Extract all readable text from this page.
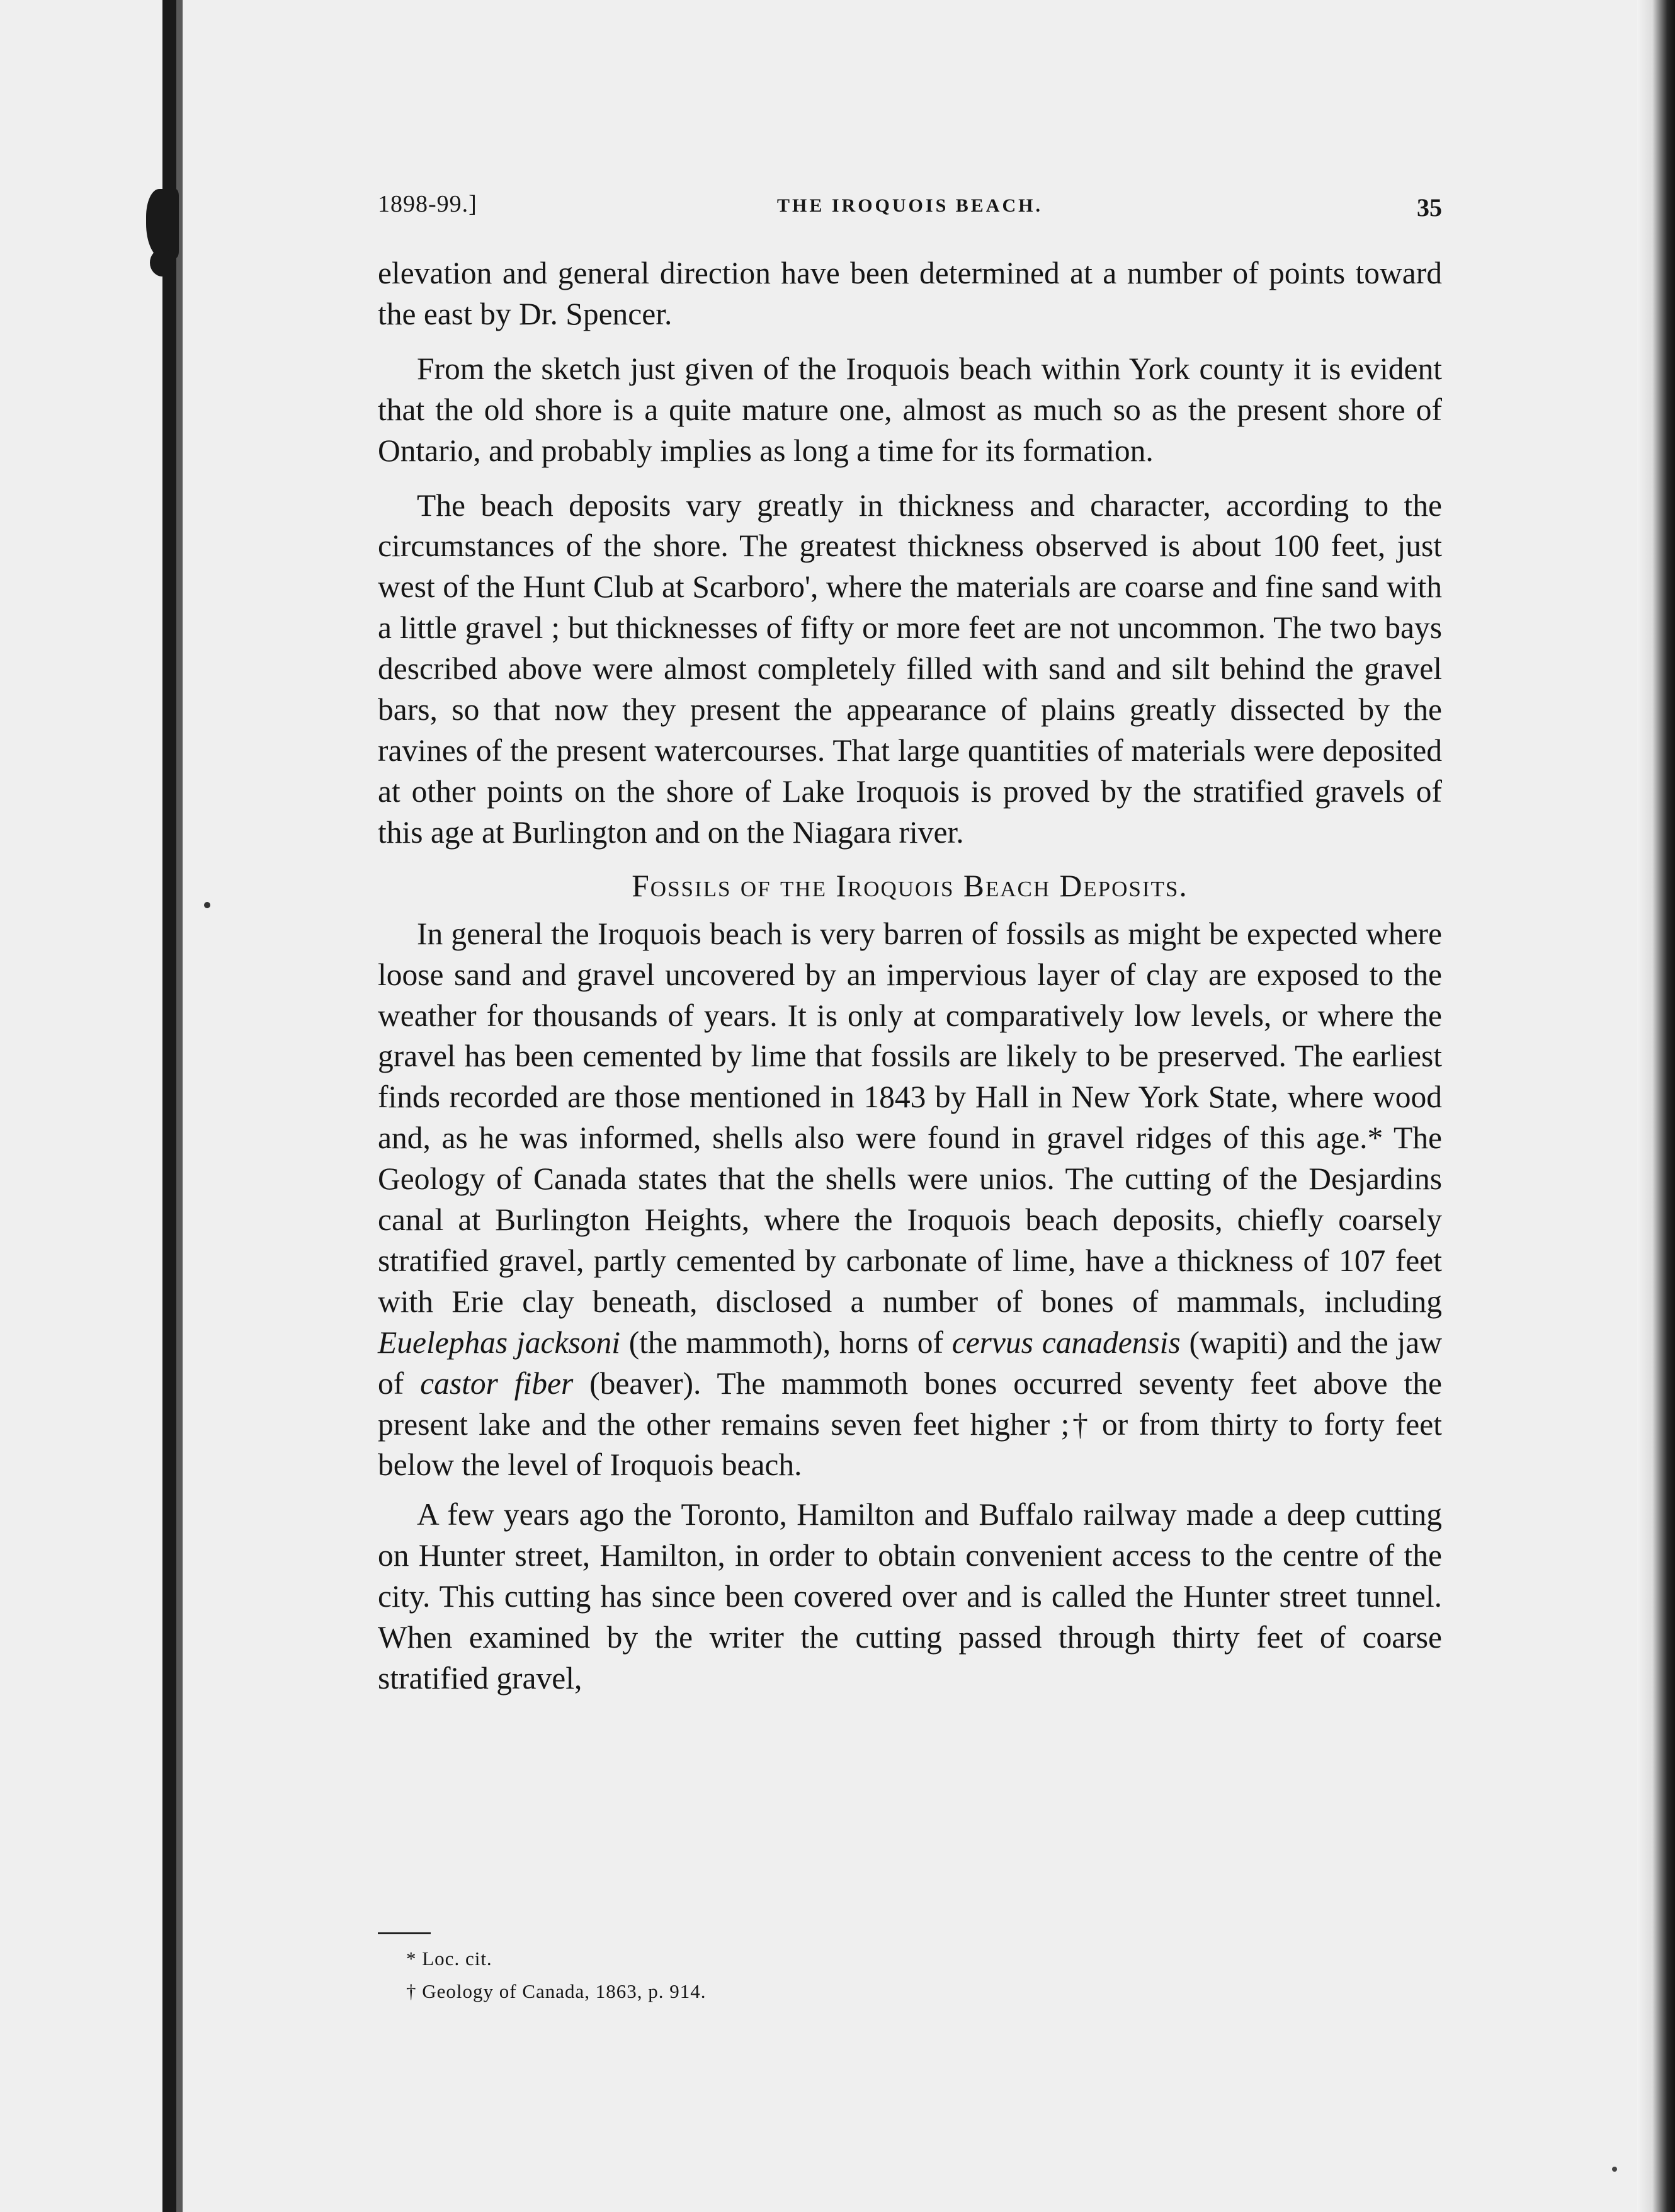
1898-99.]	THE IROQUOIS BEACH.	35

elevation and general direction have been determined at a number of points toward the east by Dr. Spencer.

From the sketch just given of the Iroquois beach within York county it is evident that the old shore is a quite mature one, almost as much so as the present shore of Ontario, and probably implies as long a time for its formation.

The beach deposits vary greatly in thickness and character, according to the circumstances of the shore. The greatest thickness observed is about 100 feet, just west of the Hunt Club at Scarboro', where the materials are coarse and fine sand with a little gravel ; but thicknesses of fifty or more feet are not uncommon. The two bays described above were almost completely filled with sand and silt behind the gravel bars, so that now they present the appearance of plains greatly dissected by the ravines of the present watercourses. That large quantities of materials were deposited at other points on the shore of Lake Iroquois is proved by the stratified gravels of this age at Burlington and on the Niagara river.

Fossils of the Iroquois Beach Deposits.

In general the Iroquois beach is very barren of fossils as might be expected where loose sand and gravel uncovered by an impervious layer of clay are exposed to the weather for thousands of years. It is only at comparatively low levels, or where the gravel has been cemented by lime that fossils are likely to be preserved. The earliest finds recorded are those mentioned in 1843 by Hall in New York State, where wood and, as he was informed, shells also were found in gravel ridges of this age.* The Geology of Canada states that the shells were unios. The cutting of the Desjardins canal at Burlington Heights, where the Iroquois beach deposits, chiefly coarsely stratified gravel, partly cemented by carbonate of lime, have a thickness of 107 feet with Erie clay beneath, disclosed a number of bones of mammals, including Euelephas jacksoni (the mammoth), horns of cervus canadensis (wapiti) and the jaw of castor fiber (beaver). The mammoth bones occurred seventy feet above the present lake and the other remains seven feet higher ;† or from thirty to forty feet below the level of Iroquois beach.

A few years ago the Toronto, Hamilton and Buffalo railway made a deep cutting on Hunter street, Hamilton, in order to obtain convenient access to the centre of the city. This cutting has since been covered over and is called the Hunter street tunnel. When examined by the writer the cutting passed through thirty feet of coarse stratified gravel,

* Loc. cit.
† Geology of Canada, 1863, p. 914.
